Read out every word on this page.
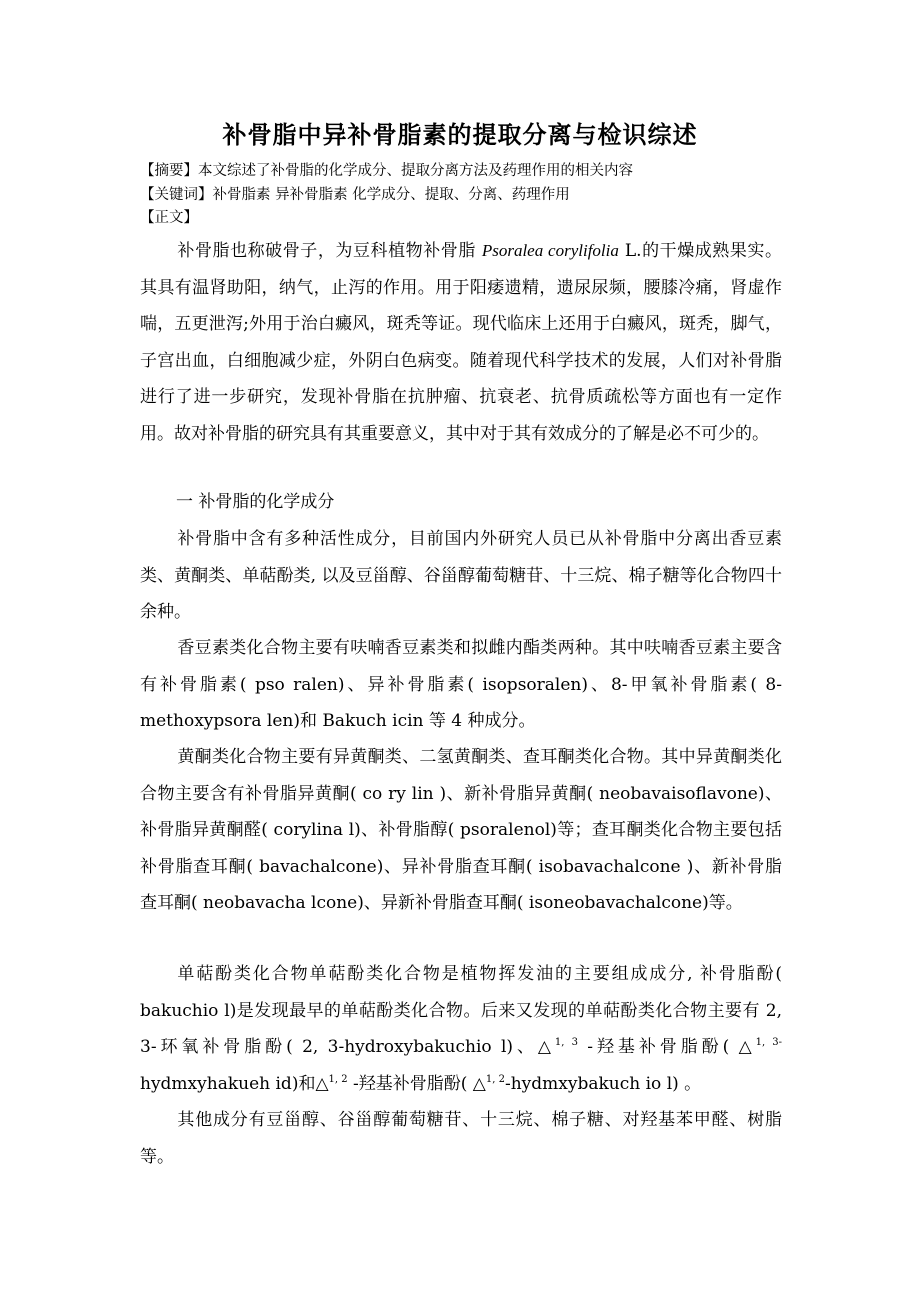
补骨脂中异补骨脂素的提取分离与检识综述

【摘要】本文综述了补骨脂的化学成分、提取分离方法及药理作用的相关内容

【关键词】补骨脂素 异补骨脂素 化学成分、提取、分离、药理作用

【正文】

补骨脂也称破骨子，为豆科植物补骨脂 Psoralea corylifolia L.的干燥成熟果实。其具有温肾助阳，纳气，止泻的作用。用于阳痿遗精，遗尿尿频，腰膝冷痛，肾虚作喘，五更泄泻;外用于治白癜风，斑秃等证。现代临床上还用于白癜风，斑秃，脚气，子宫出血，白细胞减少症，外阴白色病变。随着现代科学技术的发展，人们对补骨脂进行了进一步研究，发现补骨脂在抗肿瘤、抗衰老、抗骨质疏松等方面也有一定作用。故对补骨脂的研究具有其重要意义，其中对于其有效成分的了解是必不可少的。

一 补骨脂的化学成分

补骨脂中含有多种活性成分，目前国内外研究人员已从补骨脂中分离出香豆素类、黄酮类、单萜酚类, 以及豆甾醇、谷甾醇葡萄糖苷、十三烷、棉子糖等化合物四十余种。

香豆素类化合物主要有呋喃香豆素类和拟雌内酯类两种。其中呋喃香豆素主要含有补骨脂素( pso ralen)、异补骨脂素( isopsoralen)、8-甲氧补骨脂素( 8-methoxypsora len)和 Bakuch icin 等 4 种成分。

黄酮类化合物主要有异黄酮类、二氢黄酮类、查耳酮类化合物。其中异黄酮类化合物主要含有补骨脂异黄酮( co ry lin )、新补骨脂异黄酮( neobavaisoflavone)、补骨脂异黄酮醛( corylina l)、补骨脂醇( psoralenol)等；查耳酮类化合物主要包括补骨脂查耳酮( bavachalcone)、异补骨脂查耳酮( isobavachalcone )、新补骨脂查耳酮( neobavacha lcone)、异新补骨脂查耳酮( isoneobavachalcone)等。

单萜酚类化合物单萜酚类化合物是植物挥发油的主要组成成分, 补骨脂酚( bakuchio l)是发现最早的单萜酚类化合物。后来又发现的单萜酚类化合物主要有 2, 3-环氧补骨脂酚( 2, 3-hydroxybakuchio l)、△$^{1, 3}$ -羟基补骨脂酚( △$^{1, 3-}$hydmxyhakueh id)和△$^{1, 2}$ -羟基补骨脂酚( △$^{1, 2}$-hydmxybakuch io l) 。

其他成分有豆甾醇、谷甾醇葡萄糖苷、十三烷、棉子糖、对羟基苯甲醛、树脂等。
